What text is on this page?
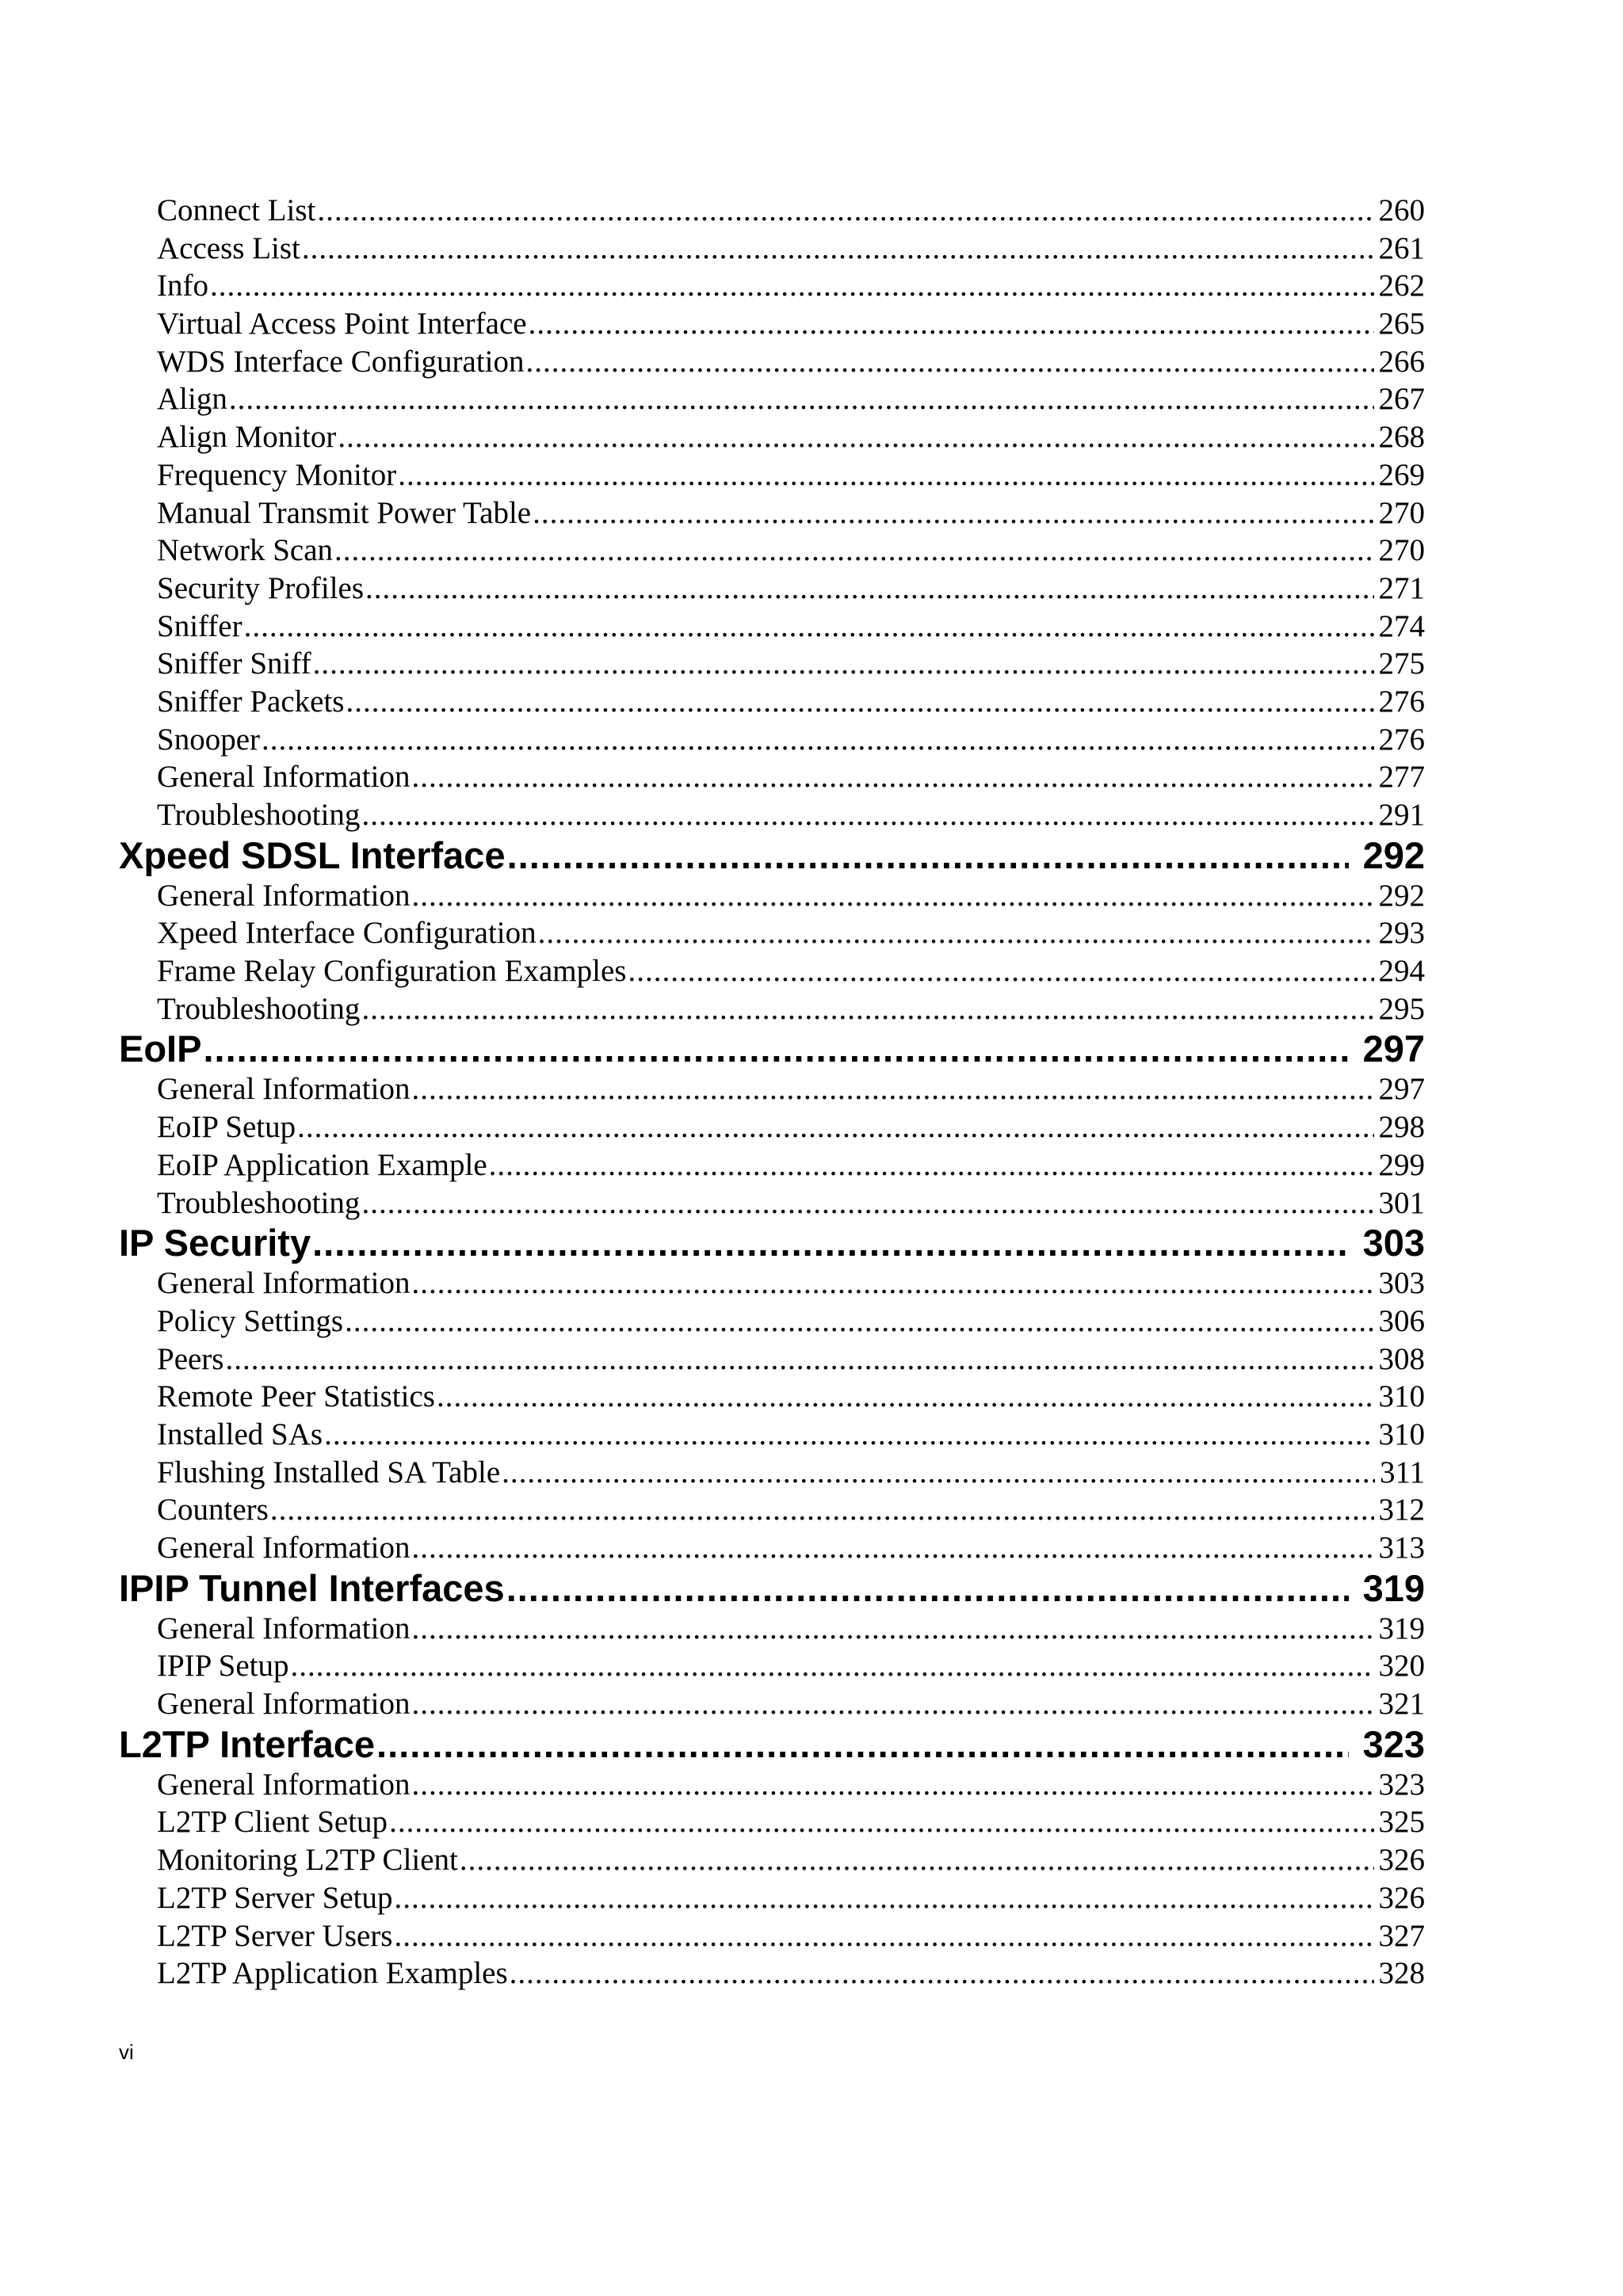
Connect List .....	260
Access List .....	261
Info .....	262
Virtual Access Point Interface .....	265
WDS Interface Configuration .....	266
Align .....	267
Align Monitor .....	268
Frequency Monitor .....	269
Manual Transmit Power Table .....	270
Network Scan .....	270
Security Profiles .....	271
Sniffer .....	274
Sniffer Sniff .....	275
Sniffer Packets .....	276
Snooper .....	276
General Information .....	277
Troubleshooting .....	291
Xpeed SDSL Interface .....	292
General Information .....	292
Xpeed Interface Configuration .....	293
Frame Relay Configuration Examples .....	294
Troubleshooting .....	295
EoIP .....	297
General Information .....	297
EoIP Setup .....	298
EoIP Application Example .....	299
Troubleshooting .....	301
IP Security .....	303
General Information .....	303
Policy Settings .....	306
Peers .....	308
Remote Peer Statistics .....	310
Installed SAs .....	310
Flushing Installed SA Table .....	311
Counters .....	312
General Information .....	313
IPIP Tunnel Interfaces .....	319
General Information .....	319
IPIP Setup .....	320
General Information .....	321
L2TP Interface .....	323
General Information .....	323
L2TP Client Setup .....	325
Monitoring L2TP Client .....	326
L2TP Server Setup .....	326
L2TP Server Users .....	327
L2TP Application Examples .....	328
vi
